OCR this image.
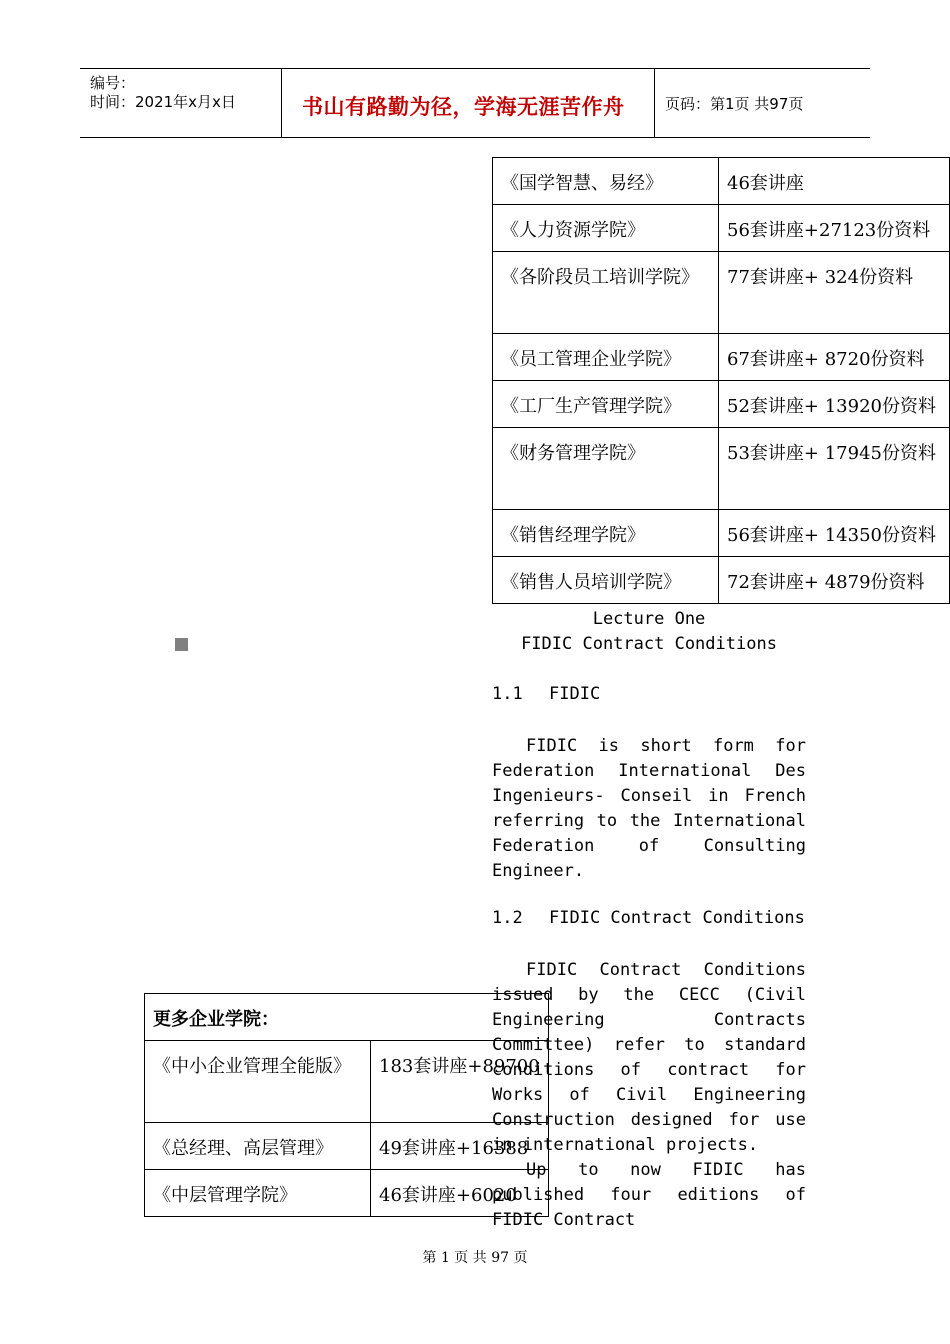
编号：
时间：2021年x月x日	书山有路勤为径，学海无涯苦作舟	页码：第1页 共97页
《国学智慧、易经》	46套讲座
《人力资源学院》	56套讲座+27123份资料
《各阶段员工培训学院》	77套讲座+ 324份资料
《员工管理企业学院》	67套讲座+ 8720份资料
《工厂生产管理学院》	52套讲座+ 13920份资料
《财务管理学院》	53套讲座+ 17945份资料
《销售经理学院》	56套讲座+ 14350份资料
《销售人员培训学院》	72套讲座+ 4879份资料
Lecture One
FIDIC Contract Conditions
1.1 FIDIC

FIDIC is short form for Federation International Des Ingenieurs- Conseil in French referring to the International Federation of Consulting Engineer.

1.2 FIDIC Contract Conditions

FIDIC Contract Conditions issued by the CECC (Civil Engineering Contracts Committee) refer to standard conditions of contract for Works of Civil Engineering Construction designed for use in international projects.

更多企业学院：	
《中小企业管理全能版》	183套讲座+89700
《总经理、高层管理》	49套讲座+16388
《中层管理学院》	46套讲座+6020

Up to now FIDIC has published four editions of FIDIC Contract

第 1 页 共 97 页
